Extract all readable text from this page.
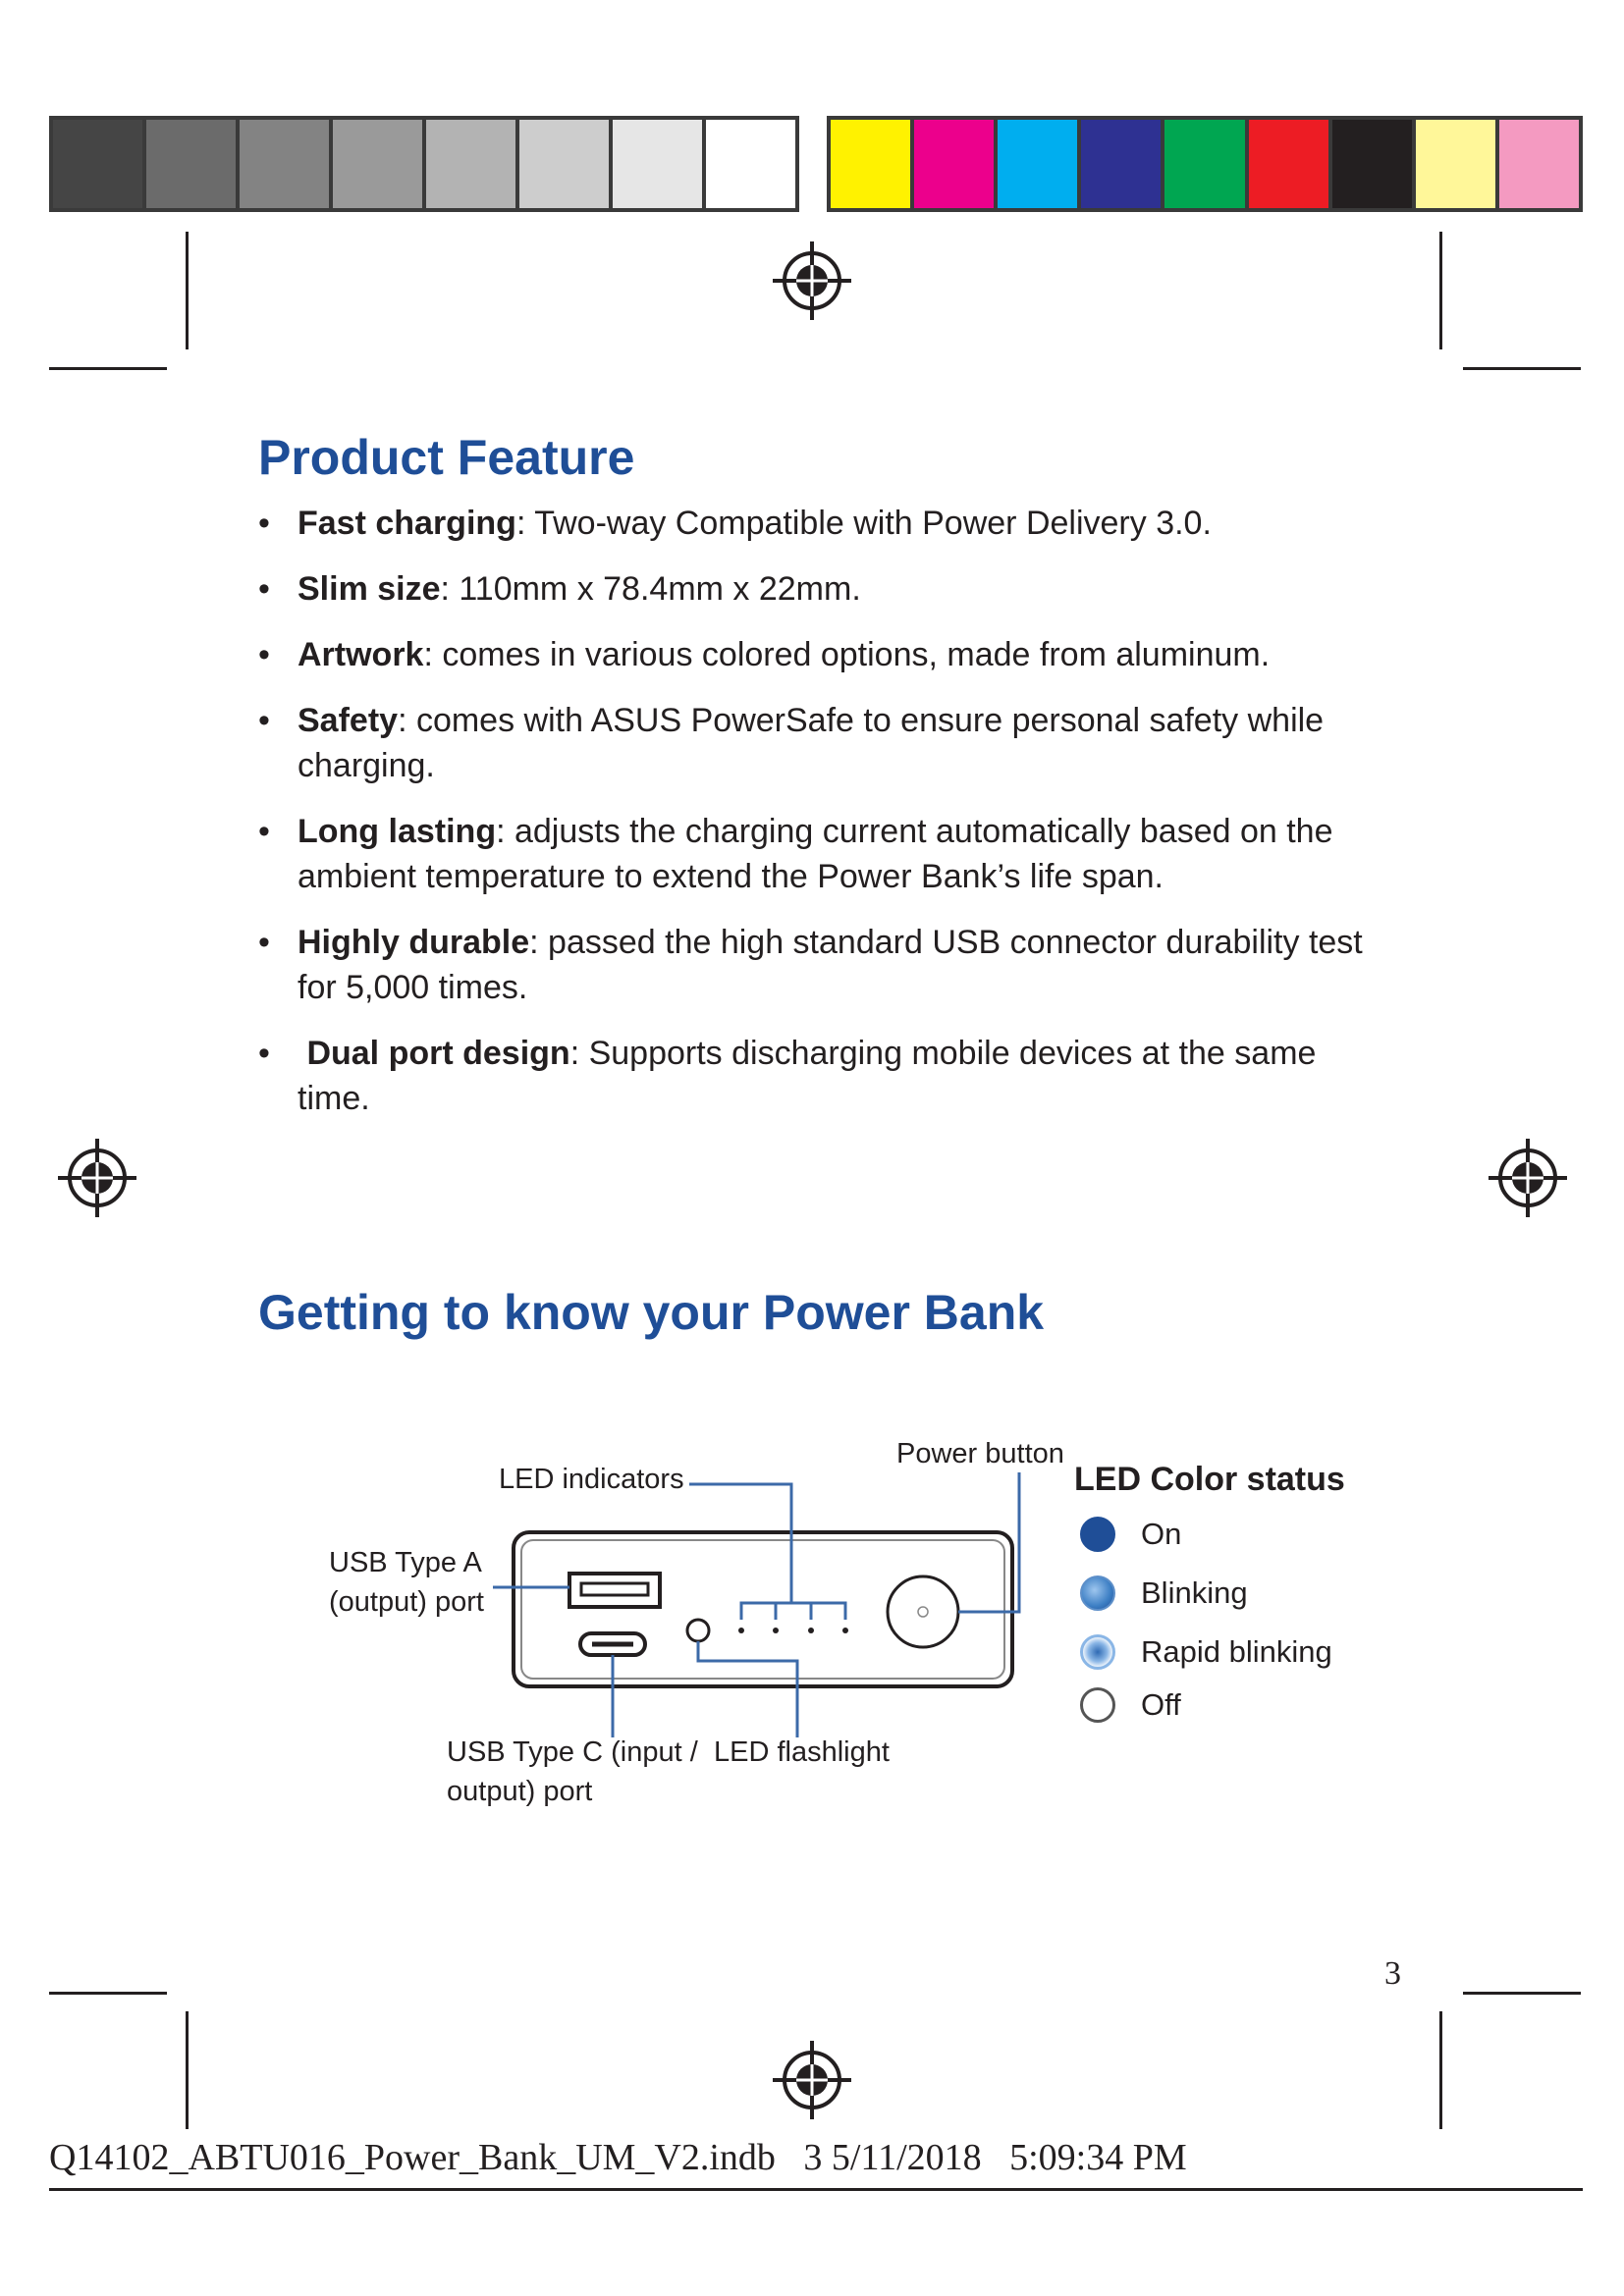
Product Feature
• Fast charging: Two-way Compatible with Power Delivery 3.0.
• Slim size: 110mm x 78.4mm x 22mm.
• Artwork: comes in various colored options, made from aluminum.
• Safety: comes with ASUS PowerSafe to ensure personal safety while charging.
• Long lasting: adjusts the charging current automatically based on the ambient temperature to extend the Power Bank’s life span.
• Highly durable: passed the high standard USB connector durability test for 5,000 times.
• Dual port design: Supports discharging mobile devices at the same time.
Getting to know your Power Bank
LED indicators
Power button
USB Type A
(output) port
USB Type C (input /
output) port
LED flashlight
LED Color status
On
Blinking
Rapid blinking
Off
3
Q14102_ABTU016_Power_Bank_UM_V2.indb   3 5/11/2018   5:09:34 PM
